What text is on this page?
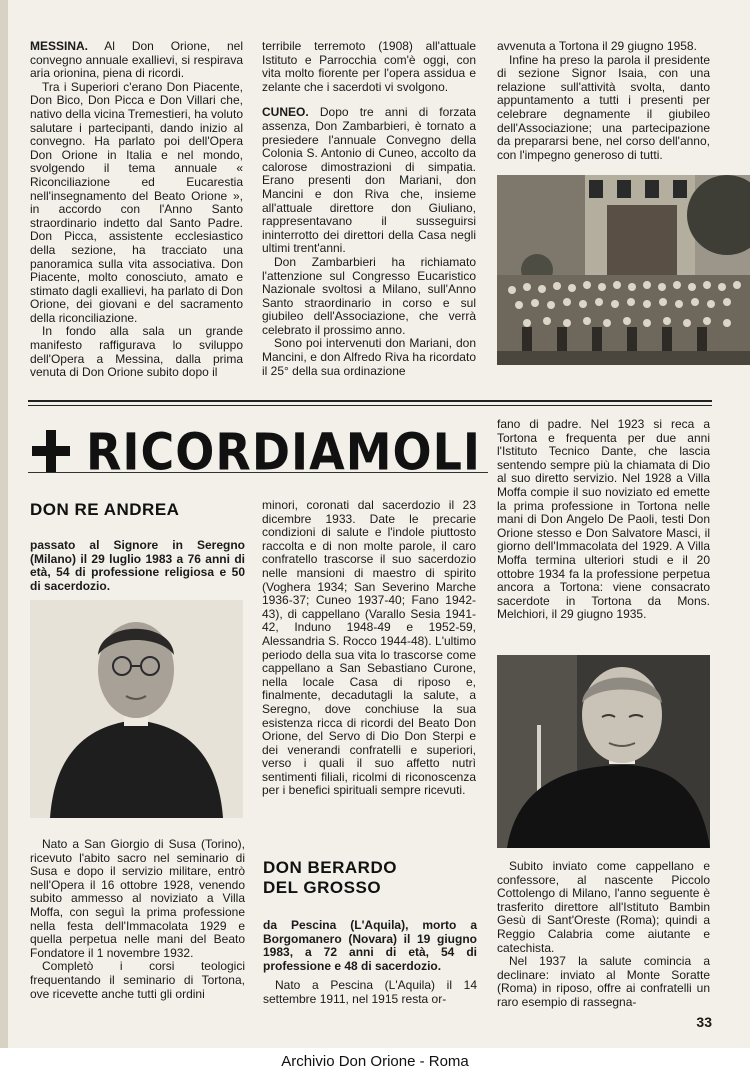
MESSINA. Al Don Orione, nel convegno annuale exallievi, si respirava aria orionina, piena di ricordi.

Tra i Superiori c'erano Don Piacente, Don Bico, Don Picca e Don Villari che, nativo della vicina Tremestieri, ha voluto salutare i partecipanti, dando inizio al convegno. Ha parlato poi dell'Opera Don Orione in Italia e nel mondo, svolgendo il tema annuale « Riconciliazione ed Eucarestia nell'insegnamento del Beato Orione », in accordo con l'Anno Santo straordinario indetto dal Santo Padre. Don Picca, assistente ecclesiastico della sezione, ha tracciato una panoramica sulla vita associativa. Don Piacente, molto conosciuto, amato e stimato dagli exallievi, ha parlato di Don Orione, dei giovani e del sacramento della riconciliazione.

In fondo alla sala un grande manifesto raffigurava lo sviluppo dell'Opera a Messina, dalla prima venuta di Don Orione subito dopo il

terribile terremoto (1908) all'attuale Istituto e Parrocchia com'è oggi, con vita molto fiorente per l'opera assidua e zelante che i sacerdoti vi svolgono.

CUNEO. Dopo tre anni di forzata assenza, Don Zambarbieri, è tornato a presiedere l'annuale Convegno della Colonia S. Antonio di Cuneo, accolto da calorose dimostrazioni di simpatia. Erano presenti don Mariani, don Mancini e don Riva che, insieme all'attuale direttore don Giuliano, rappresentavano il susseguirsi ininterrotto dei direttori della Casa negli ultimi trent'anni.

Don Zambarbieri ha richiamato l'attenzione sul Congresso Eucaristico Nazionale svoltosi a Milano, sull'Anno Santo straordinario in corso e sul giubileo dell'Associazione, che verrà celebrato il prossimo anno.

Sono poi intervenuti don Mariani, don Mancini, e don Alfredo Riva ha ricordato il 25° della sua ordinazione

avvenuta a Tortona il 29 giugno 1958.

Infine ha preso la parola il presidente di sezione Signor Isaia, con una relazione sull'attività svolta, danto appuntamento a tutti i presenti per celebrare degnamente il giubileo dell'Associazione; una partecipazione da prepararsi bene, nel corso dell'anno, con l'impegno generoso di tutti.

RICORDIAMOLI
DON RE ANDREA
passato al Signore in Seregno (Milano) il 29 luglio 1983 a 76 anni di età, 54 di professione religiosa e 50 di sacerdozio.

Nato a San Giorgio di Susa (Torino), ricevuto l'abito sacro nel seminario di Susa e dopo il servizio militare, entrò nell'Opera il 16 ottobre 1928, venendo subito ammesso al noviziato a Villa Moffa, con seguì la prima professione nella festa dell'Immacolata 1929 e quella perpetua nelle mani del Beato Fondatore il 1 novembre 1932.

Completò i corsi teologici frequentando il seminario di Tortona, ove ricevette anche tutti gli ordini

minori, coronati dal sacerdozio il 23 dicembre 1933. Date le precarie condizioni di salute e l'indole piuttosto raccolta e di non molte parole, il caro confratello trascorse il suo sacerdozio nelle mansioni di maestro di spirito (Voghera 1934; San Severino Marche 1936-37; Cuneo 1937-40; Fano 1942-43), di cappellano (Varallo Sesia 1941-42, Induno 1948-49 e 1952-59, Alessandria S. Rocco 1944-48). L'ultimo periodo della sua vita lo trascorse come cappellano a San Sebastiano Curone, nella locale Casa di riposo e, finalmente, decadutagli la salute, a Seregno, dove conchiuse la sua esistenza ricca di ricordi del Beato Don Orione, del Servo di Dio Don Sterpi e dei venerandi confratelli e superiori, verso i quali il suo affetto nutrì sentimenti filiali, ricolmi di riconoscenza per i benefici spirituali sempre ricevuti.

DON BERARDO
DEL GROSSO
da Pescina (L'Aquila), morto a Borgomanero (Novara) il 19 giugno 1983, a 72 anni di età, 54 di professione e 48 di sacerdozio.

Nato a Pescina (L'Aquila) il 14 settembre 1911, nel 1915 resta or-

fano di padre. Nel 1923 si reca a Tortona e frequenta per due anni l'Istituto Tecnico Dante, che lascia sentendo sempre più la chiamata di Dio al suo diretto servizio. Nel 1928 a Villa Moffa compie il suo noviziato ed emette la prima professione in Tortona nelle mani di Don Angelo De Paoli, testi Don Orione stesso e Don Salvatore Masci, il giorno dell'Immacolata del 1929. A Villa Moffa termina ulteriori studi e il 20 ottobre 1934 fa la professione perpetua ancora a Tortona: viene consacrato sacerdote in Tortona da Mons. Melchiori, il 29 giugno 1935.

Subito inviato come cappellano e confessore, al nascente Piccolo Cottolengo di Milano, l'anno seguente è trasferito direttore all'Istituto Bambin Gesù di Sant'Oreste (Roma); quindi a Reggio Calabria come aiutante e catechista.

Nel 1937 la salute comincia a declinare: inviato al Monte Soratte (Roma) in riposo, offre ai confratelli un raro esempio di rassegna-

33
Archivio Don Orione - Roma
